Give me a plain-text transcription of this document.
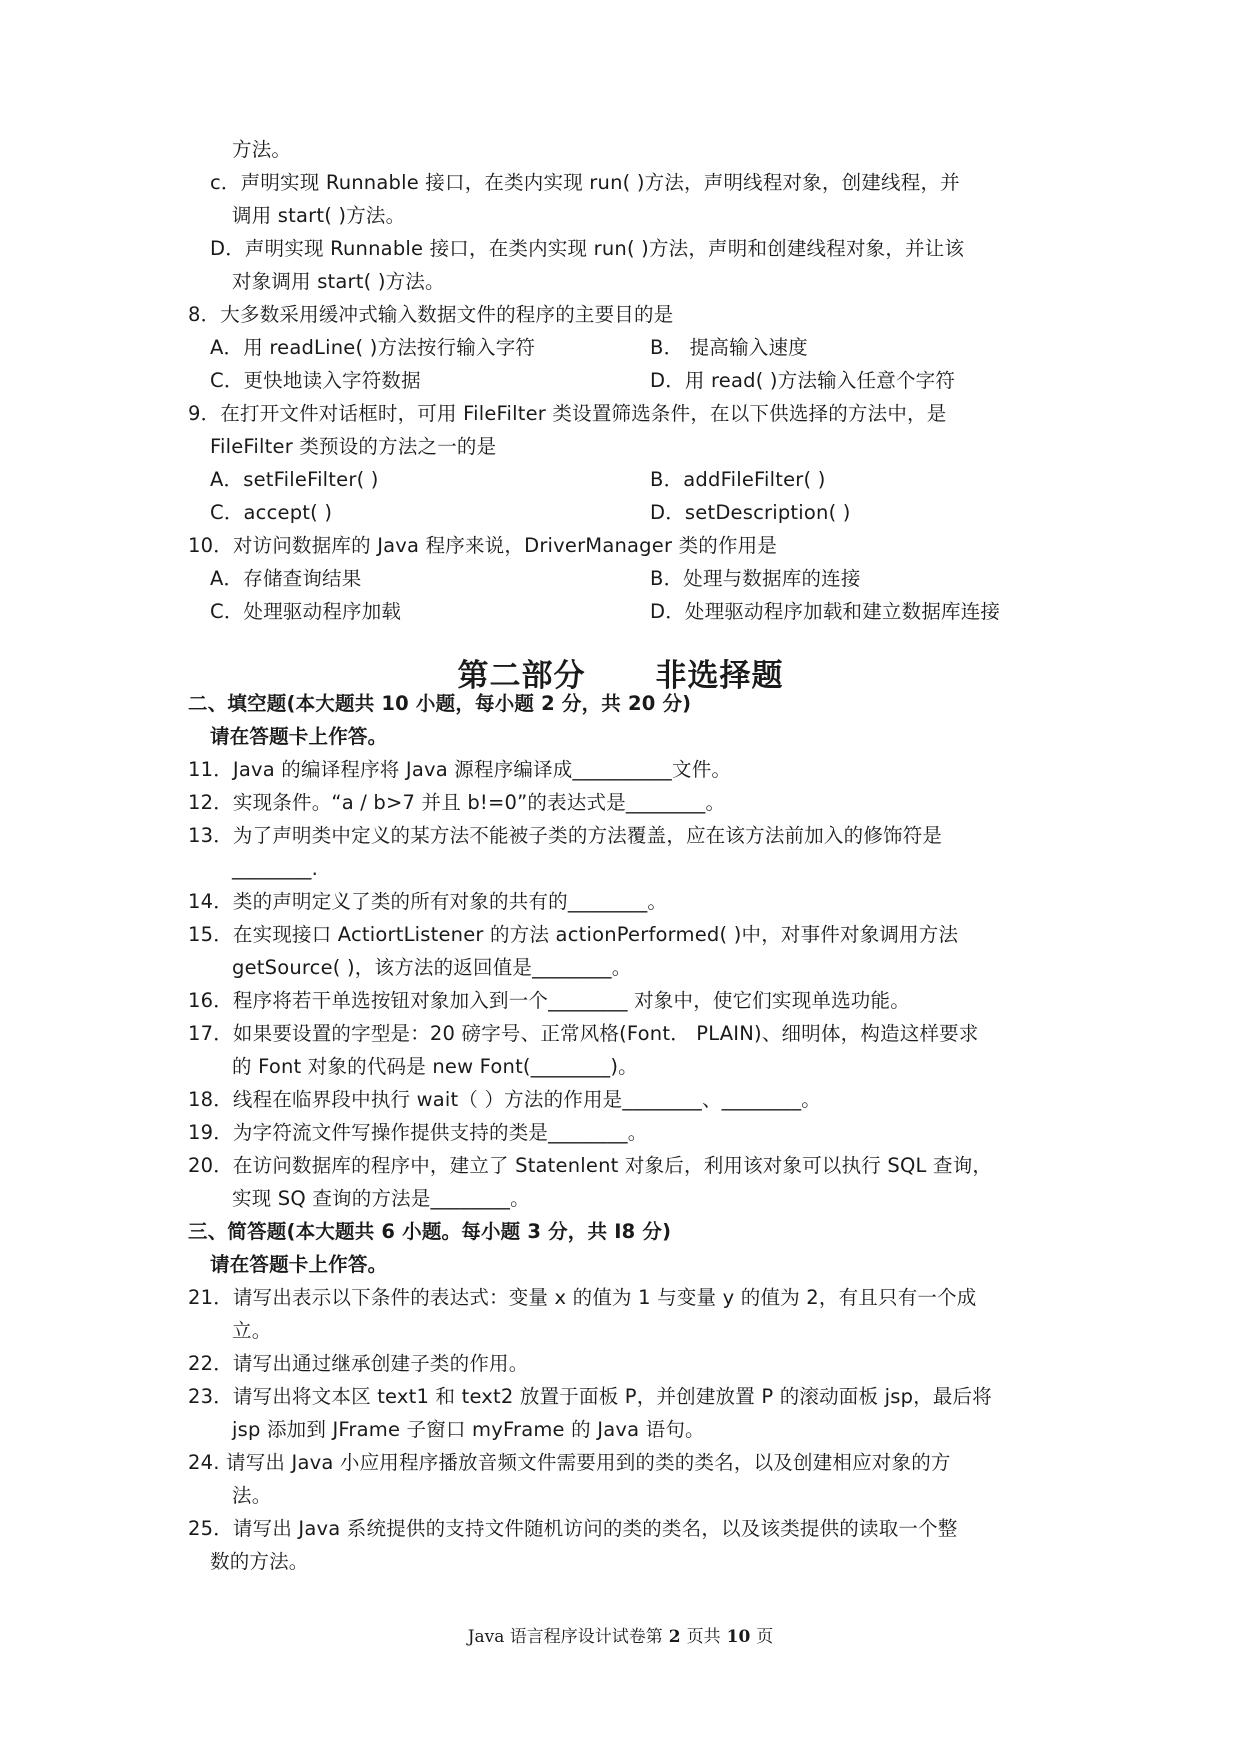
方法。
c．声明实现 Runnable 接口，在类内实现 run( )方法，声明线程对象，创建线程，并
调用 start( )方法。
D．声明实现 Runnable 接口，在类内实现 run( )方法，声明和创建线程对象，并让该
对象调用 start( )方法。
8．大多数采用缓冲式输入数据文件的程序的主要目的是
A．用 readLine( )方法按行输入字符	B． 提高输入速度
C．更快地读入字符数据	D．用 read( )方法输入任意个字符
9．在打开文件对话框时，可用 FileFilter 类设置筛选条件，在以下供选择的方法中，是
FileFilter 类预设的方法之一的是
A．setFileFilter( )	B．addFileFilter( )
C．accept( )	D．setDescription( )
10．对访问数据库的 Java 程序来说，DriverManager 类的作用是
A．存储查询结果	B．处理与数据库的连接
C．处理驱动程序加载	D．处理驱动程序加载和建立数据库连接
二、填空题(本大题共 10 小题，每小题 2 分，共 20 分)
请在答题卡上作答。
11．Java 的编译程序将 Java 源程序编译成__________文件。
12．实现条件。“a / b>7 并且 b!=0”的表达式是________。
13．为了声明类中定义的某方法不能被子类的方法覆盖，应在该方法前加入的修饰符是
________.
14．类的声明定义了类的所有对象的共有的________。
15．在实现接口 ActiortListener 的方法 actionPerformed( )中，对事件对象调用方法
getSource( )，该方法的返回值是________。
16．程序将若干单选按钮对象加入到一个________ 对象中，使它们实现单选功能。
17．如果要设置的字型是：20 磅字号、正常风格(Font． PLAIN)、细明体，构造这样要求
的 Font 对象的代码是 new Font(________)。
18．线程在临界段中执行 wait（ ）方法的作用是________、________。
19．为字符流文件写操作提供支持的类是________。
20．在访问数据库的程序中，建立了 Statenlent 对象后，利用该对象可以执行 SQL 查询，
实现 SQ 查询的方法是________。
三、简答题(本大题共 6 小题。每小题 3 分，共 I8 分)
请在答题卡上作答。
21．请写出表示以下条件的表达式：变量 x 的值为 1 与变量 y 的值为 2，有且只有一个成
立。
22．请写出通过继承创建子类的作用。
23．请写出将文本区 text1 和 text2 放置于面板 P，并创建放置 P 的滚动面板 jsp，最后将
jsp 添加到 JFrame 子窗口 myFrame 的 Java 语句。
24. 请写出 Java 小应用程序播放音频文件需要用到的类的类名，以及创建相应对象的方
法。
25．请写出 Java 系统提供的支持文件随机访问的类的类名，以及该类提供的读取一个整
数的方法。
第二部分 非选择题
Java 语言程序设计试卷第 2 页共 10 页
